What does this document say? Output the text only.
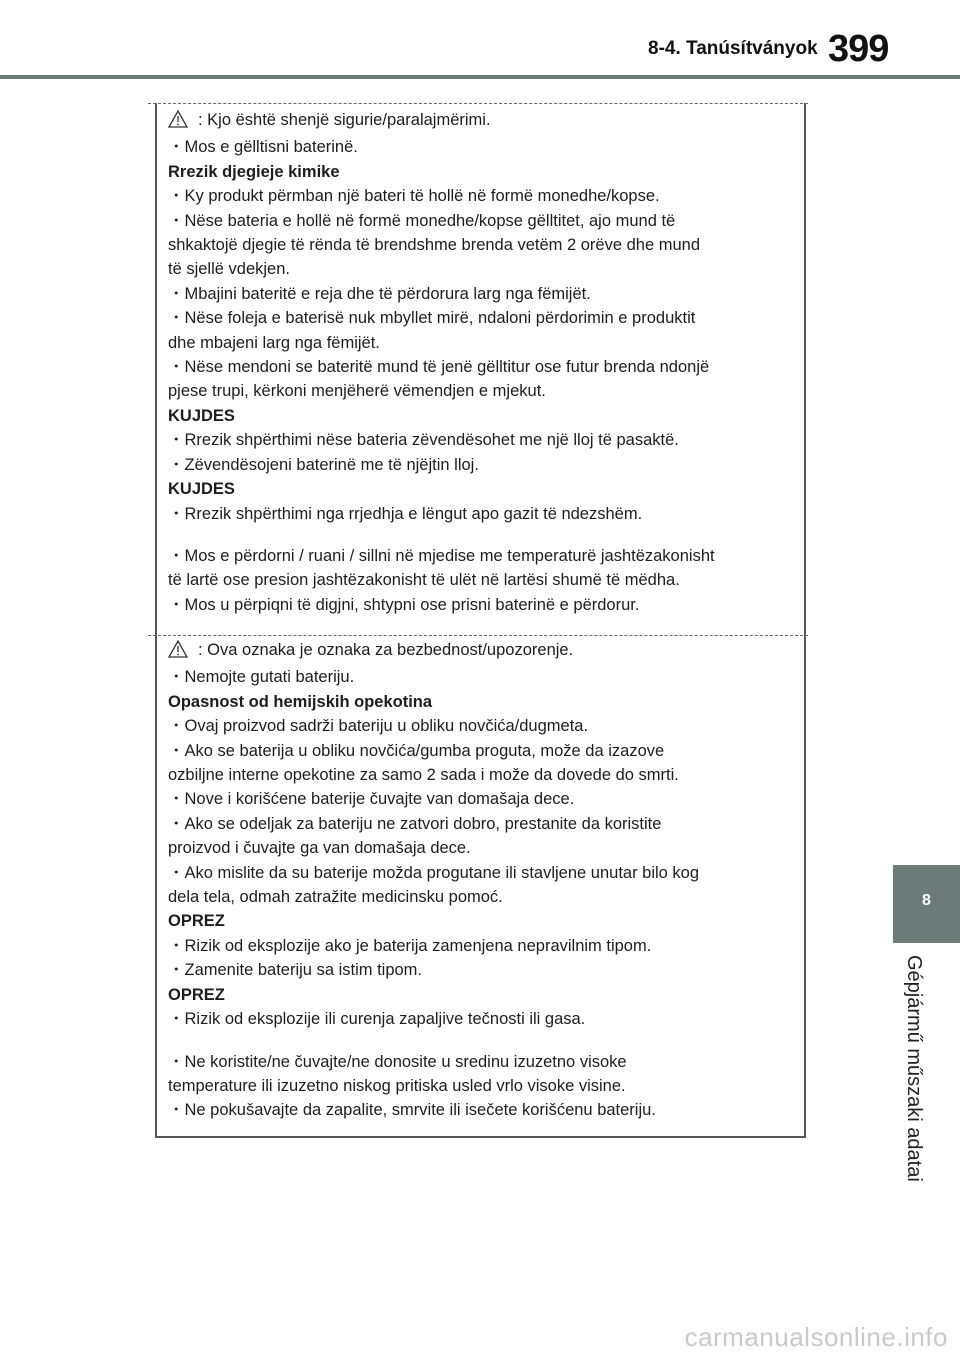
8-4. Tanúsítványok 399
8
Gépjármű műszaki adatai
: Kjo është shenjë sigurie/paralajmërimi.
・Mos e gëlltisni baterinë.
Rrezik djegieje kimike
・Ky produkt përmban një bateri të hollë në formë monedhe/kopse.
・Nëse bateria e hollë në formë monedhe/kopse gëlltitet, ajo mund të
shkaktojë djegie të rënda të brendshme brenda vetëm 2 orëve dhe mund
të sjellë vdekjen.
・Mbajini bateritë e reja dhe të përdorura larg nga fëmijët.
・Nëse foleja e baterisë nuk mbyllet mirë, ndaloni përdorimin e produktit
dhe mbajeni larg nga fëmijët.
・Nëse mendoni se bateritë mund të jenë gëlltitur ose futur brenda ndonjë
pjese trupi, kërkoni menjëherë vëmendjen e mjekut.
KUJDES
・Rrezik shpërthimi nëse bateria zëvendësohet me një lloj të pasaktë.
・Zëvendësojeni baterinë me të njëjtin lloj.
KUJDES
・Rrezik shpërthimi nga rrjedhja e lëngut apo gazit të ndezshëm.
・Mos e përdorni / ruani / sillni në mjedise me temperaturë jashtëzakonisht
të lartë ose presion jashtëzakonisht të ulët në lartësi shumë të mëdha.
・Mos u përpiqni të digjni, shtypni ose prisni baterinë e përdorur.
: Ova oznaka je oznaka za bezbednost/upozorenje.
・Nemojte gutati bateriju.
Opasnost od hemijskih opekotina
・Ovaj proizvod sadrži bateriju u obliku novčića/dugmeta.
・Ako se baterija u obliku novčića/gumba proguta, može da izazove
ozbiljne interne opekotine za samo 2 sada i može da dovede do smrti.
・Nove i korišćene baterije čuvajte van domašaja dece.
・Ako se odeljak za bateriju ne zatvori dobro, prestanite da koristite
proizvod i čuvajte ga van domašaja dece.
・Ako mislite da su baterije možda progutane ili stavljene unutar bilo kog
dela tela, odmah zatražite medicinsku pomoć.
OPREZ
・Rizik od eksplozije ako je baterija zamenjena nepravilnim tipom.
・Zamenite bateriju sa istim tipom.
OPREZ
・Rizik od eksplozije ili curenja zapaljive tečnosti ili gasa.
・Ne koristite/ne čuvajte/ne donosite u sredinu izuzetno visoke
temperature ili izuzetno niskog pritiska usled vrlo visoke visine.
・Ne pokušavajte da zapalite, smrvite ili isečete korišćenu bateriju.
carmanualsonline.info
